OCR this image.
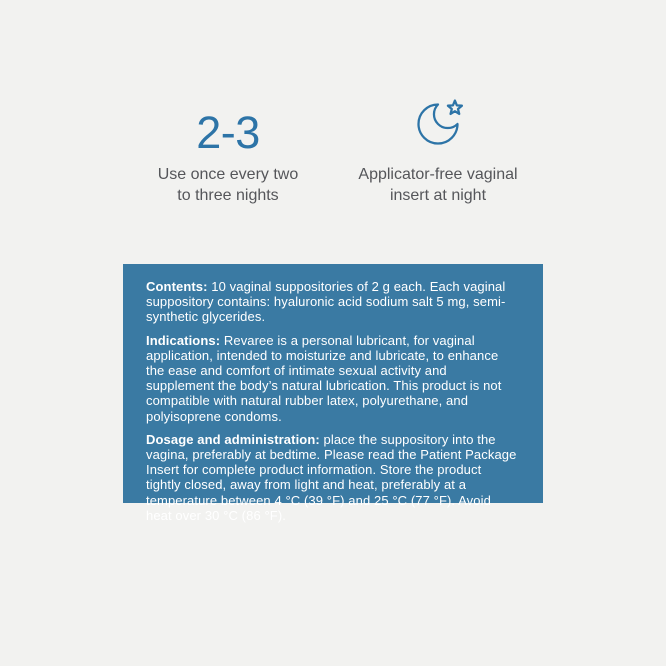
2-3
Use once every two
to three nights
Applicator-free vaginal
insert at night

Contents: 10 vaginal suppositories of 2 g each. Each vaginal suppository contains: hyaluronic acid sodium salt 5 mg, semi-synthetic glycerides.

Indications: Revaree is a personal lubricant, for vaginal application, intended to moisturize and lubricate, to enhance the ease and comfort of intimate sexual activity and supplement the body’s natural lubrication. This product is not compatible with natural rubber latex, polyurethane, and polyisoprene condoms.

Dosage and administration: place the suppository into the vagina, preferably at bedtime. Please read the Patient Package Insert for complete product information. Store the product tightly closed, away from light and heat, preferably at a temperature between 4 °C (39 °F) and 25 °C (77 °F). Avoid heat over 30 °C (86 °F).
